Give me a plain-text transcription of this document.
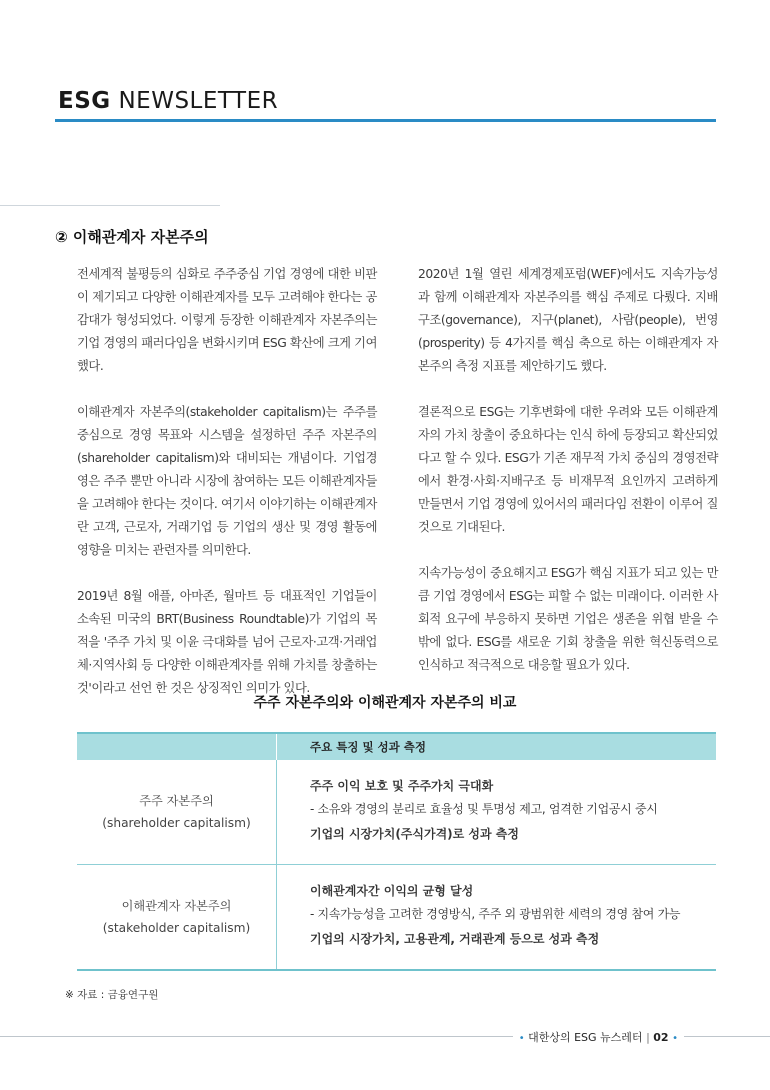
ESG NEWSLETTER
② 이해관계자 자본주의

전세계적 불평등의 심화로 주주중심 기업 경영에 대한 비판이 제기되고 다양한 이해관계자를 모두 고려해야 한다는 공감대가 형성되었다. 이렇게 등장한 이해관계자 자본주의는 기업 경영의 패러다임을 변화시키며 ESG 확산에 크게 기여했다.

이해관계자 자본주의(stakeholder capitalism)는 주주를 중심으로 경영 목표와 시스템을 설정하던 주주 자본주의(shareholder capitalism)와 대비되는 개념이다. 기업경영은 주주 뿐만 아니라 시장에 참여하는 모든 이해관계자들을 고려해야 한다는 것이다. 여기서 이야기하는 이해관계자란 고객, 근로자, 거래기업 등 기업의 생산 및 경영 활동에 영향을 미치는 관련자를 의미한다.

2019년 8월 애플, 아마존, 월마트 등 대표적인 기업들이 소속된 미국의 BRT(Business Roundtable)가 기업의 목적을 '주주 가치 및 이윤 극대화를 넘어 근로자·고객·거래업체·지역사회 등 다양한 이해관계자를 위해 가치를 창출하는 것'이라고 선언 한 것은 상징적인 의미가 있다.

2020년 1월 열린 세계경제포럼(WEF)에서도 지속가능성과 함께 이해관계자 자본주의를 핵심 주제로 다뤘다. 지배구조(governance), 지구(planet), 사람(people), 번영(prosperity) 등 4가지를 핵심 축으로 하는 이해관계자 자본주의 측정 지표를 제안하기도 했다.

결론적으로 ESG는 기후변화에 대한 우려와 모든 이해관계자의 가치 창출이 중요하다는 인식 하에 등장되고 확산되었다고 할 수 있다. ESG가 기존 재무적 가치 중심의 경영전략에서 환경·사회·지배구조 등 비재무적 요인까지 고려하게 만들면서 기업 경영에 있어서의 패러다임 전환이 이루어 질 것으로 기대된다.

지속가능성이 중요해지고 ESG가 핵심 지표가 되고 있는 만큼 기업 경영에서 ESG는 피할 수 없는 미래이다. 이러한 사회적 요구에 부응하지 못하면 기업은 생존을 위협 받을 수 밖에 없다. ESG를 새로운 기회 창출을 위한 혁신동력으로 인식하고 적극적으로 대응할 필요가 있다.

주주 자본주의와 이해관계자 자본주의 비교
주요 특징 및 성과 측정
주주 자본주의
(shareholder capitalism)
주주 이익 보호 및 주주가치 극대화
- 소유와 경영의 분리로 효율성 및 투명성 제고, 엄격한 기업공시 중시
기업의 시장가치(주식가격)로 성과 측정
이해관계자 자본주의
(stakeholder capitalism)
이해관계자간 이익의 균형 달성
- 지속가능성을 고려한 경영방식, 주주 외 광범위한 세력의 경영 참여 가능
기업의 시장가치, 고용관계, 거래관계 등으로 성과 측정
※ 자료 : 금융연구원
• 대한상의 ESG 뉴스레터 | 02 •
